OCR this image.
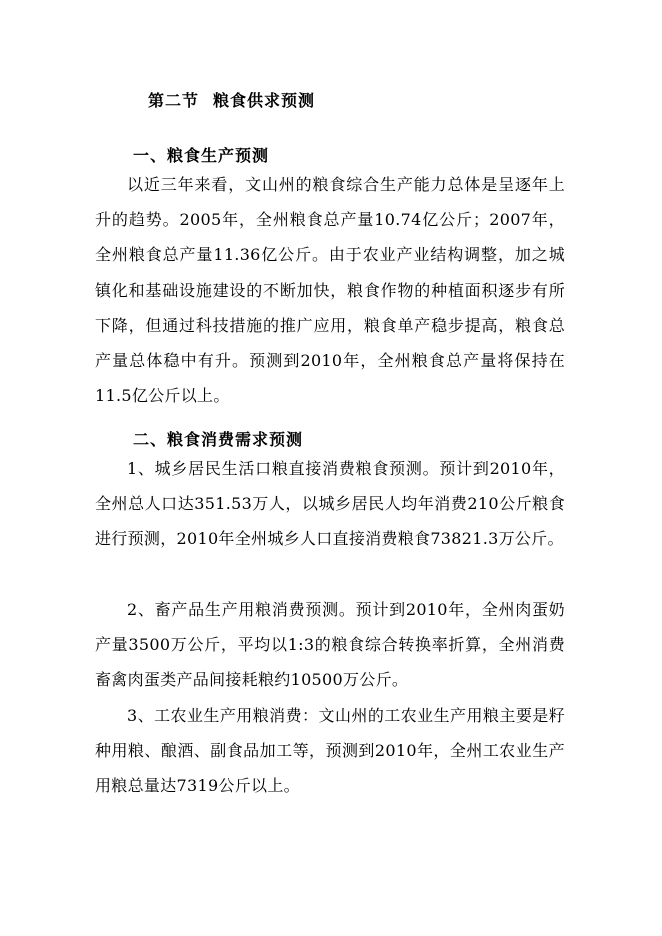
第二节 粮食供求预测
一、粮食生产预测
以近三年来看，文山州的粮食综合生产能力总体是呈逐年上升的趋势。2005年，全州粮食总产量10.74亿公斤；2007年，全州粮食总产量11.36亿公斤。由于农业产业结构调整，加之城镇化和基础设施建设的不断加快，粮食作物的种植面积逐步有所下降，但通过科技措施的推广应用，粮食单产稳步提高，粮食总产量总体稳中有升。预测到2010年，全州粮食总产量将保持在11.5亿公斤以上。
二、粮食消费需求预测
1、城乡居民生活口粮直接消费粮食预测。预计到2010年，全州总人口达351.53万人，以城乡居民人均年消费210公斤粮食进行预测，2010年全州城乡人口直接消费粮食73821.3万公斤。
2、畜产品生产用粮消费预测。预计到2010年，全州肉蛋奶产量3500万公斤，平均以1:3的粮食综合转换率折算，全州消费畜禽肉蛋类产品间接耗粮约10500万公斤。
3、工农业生产用粮消费：文山州的工农业生产用粮主要是籽种用粮、酿酒、副食品加工等，预测到2010年，全州工农业生产用粮总量达7319公斤以上。
